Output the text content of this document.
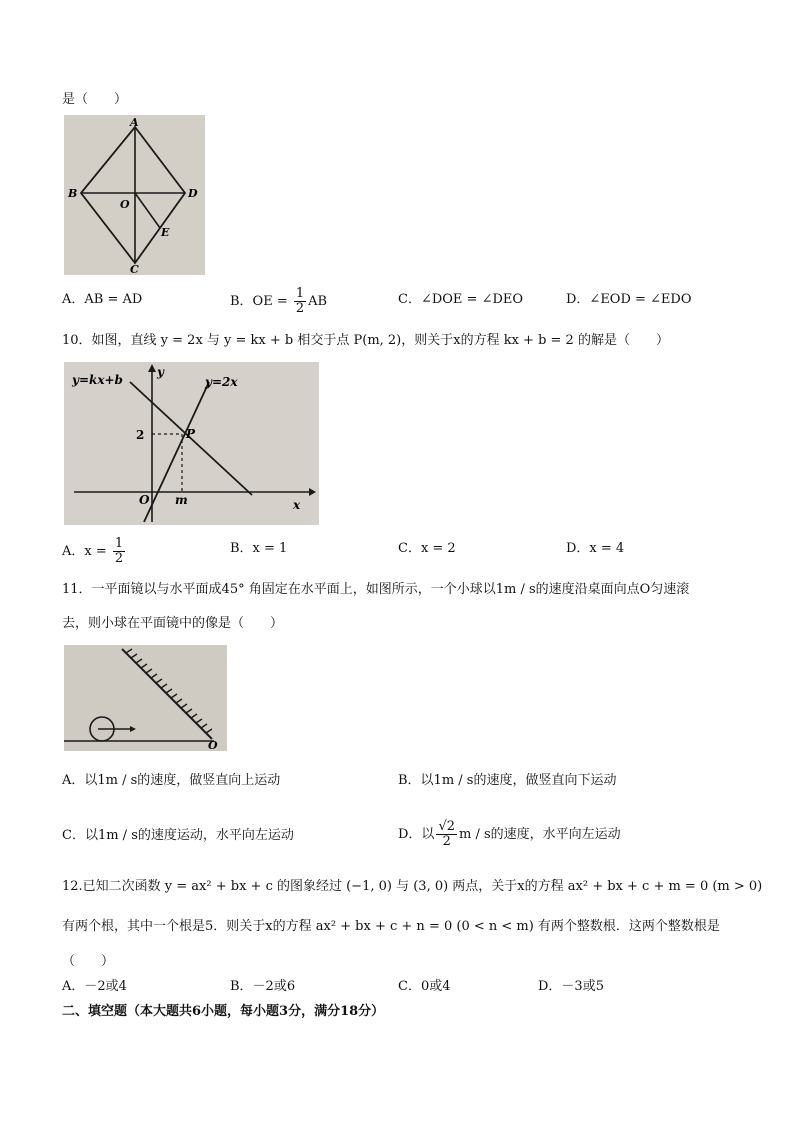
是（　　）
A
B
O
D
E
C
A．AB = AD	B．OE = $\frac{1}{2}$ AB	C．∠DOE = ∠DEO	D．∠EOD = ∠EDO
10．如图，直线 y = 2x 与 y = kx + b 相交于点 P(m, 2)，则关于x的方程 kx + b = 2 的解是（　　）
y=kx+b	y=2x
y
x
2	P
O m
A．$x = \frac{1}{2}$	B．x = 1	C．x = 2	D．x = 4
11．一平面镜以与水平面成45° 角固定在水平面上，如图所示，一个小球以1m / s的速度沿桌面向点O匀速滚
去，则小球在平面镜中的像是（　　）
O
A．以1m / s的速度，做竖直向上运动	B．以1m / s的速度，做竖直向下运动
C．以1m / s的速度运动，水平向左运动	D．以 $\frac{√2}{2}$ m / s的速度，水平向左运动
12.已知二次函数 y = ax² + bx + c 的图象经过 (−1, 0) 与 (3, 0) 两点，关于x的方程 ax² + bx + c + m = 0 (m > 0)
有两个根，其中一个根是5．则关于x的方程 ax² + bx + c + n = 0 (0 < n < m) 有两个整数根．这两个整数根是
（　　）
A．－2或4	B．－2或6	C．0或4	D．－3或5
二、填空题（本大题共6小题，每小题3分，满分18分）
